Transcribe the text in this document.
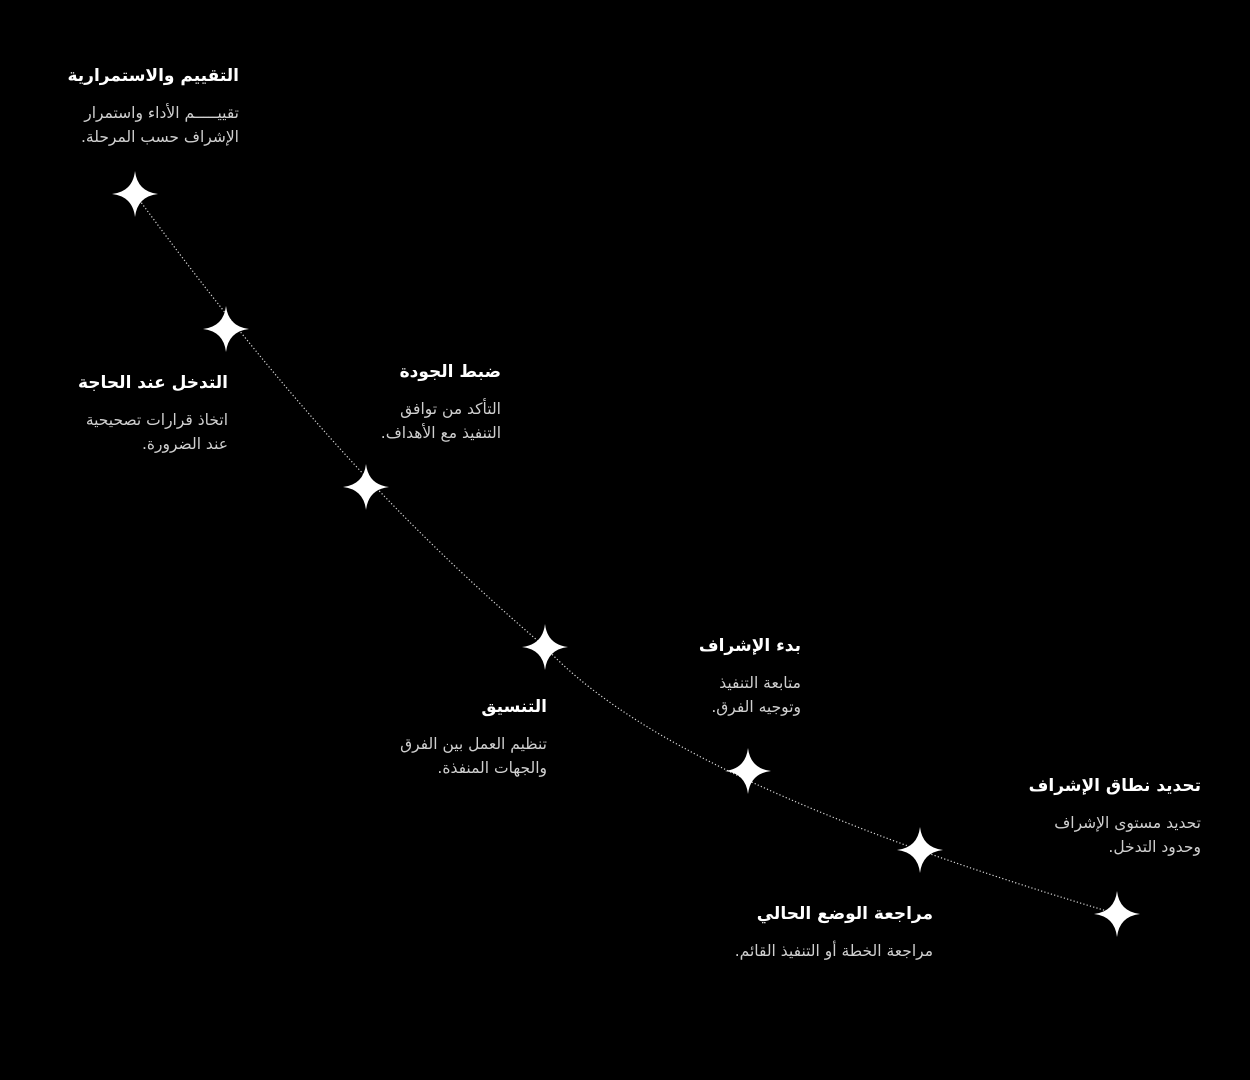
تحديد نطاق الإشراف
تحديد مستوى الإشراف
وحدود التدخل.
مراجعة الوضع الحالي
مراجعة الخطة أو التنفيذ القائم.
بدء الإشراف
متابعة التنفيذ
وتوجيه الفرق.
التنسيق
تنظيم العمل بين الفرق
والجهات المنفذة.
ضبط الجودة
التأكد من توافق
التنفيذ مع الأهداف.
التدخل عند الحاجة
اتخاذ قرارات تصحيحية
عند الضرورة.
التقييم والاستمرارية
تقييـــــم الأداء واستمرار
الإشراف حسب المرحلة.
